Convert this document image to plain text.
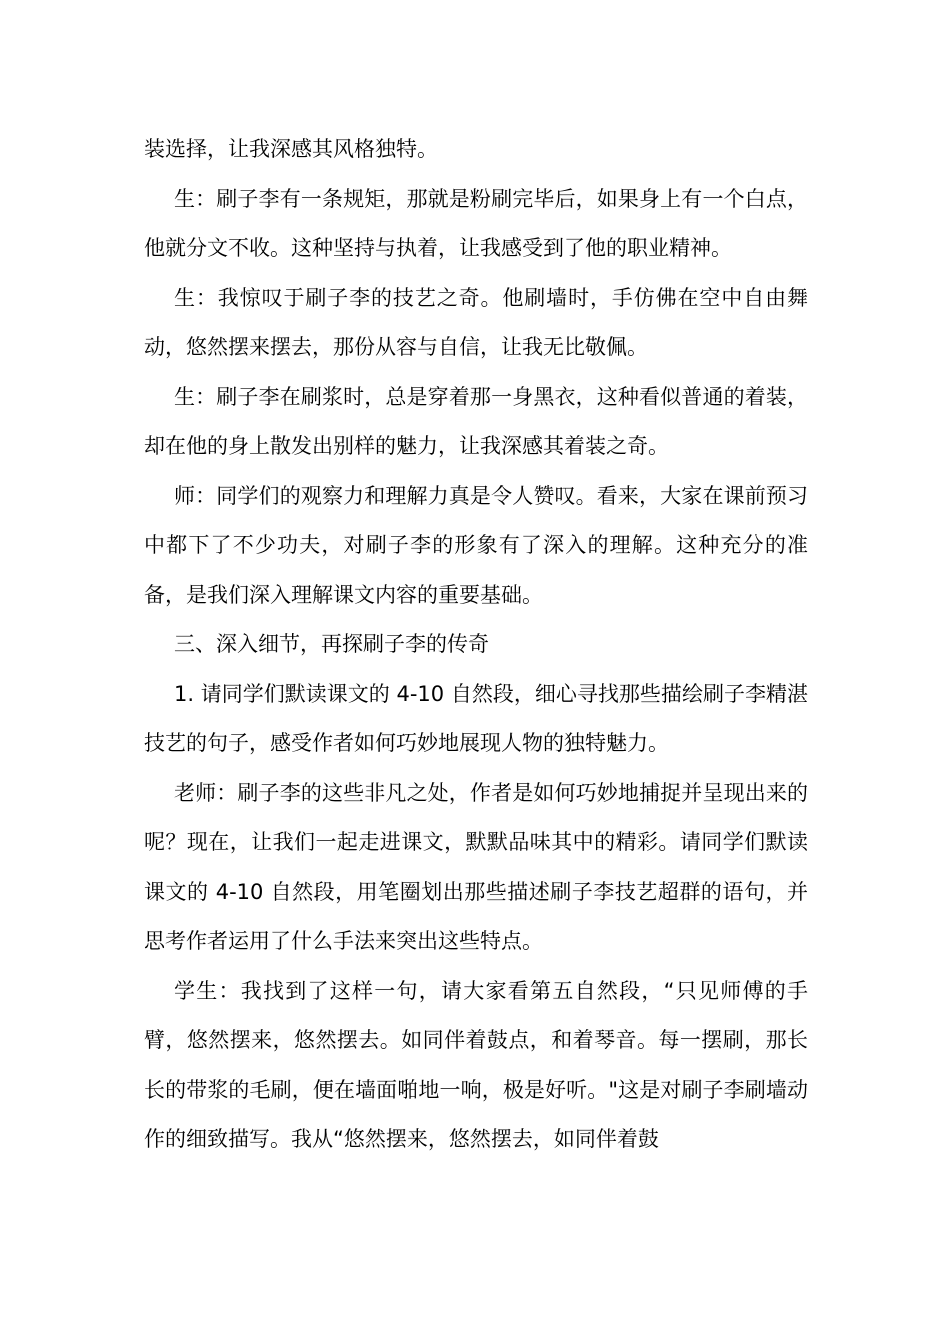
装选择，让我深感其风格独特。

生：刷子李有一条规矩，那就是粉刷完毕后，如果身上有一个白点，他就分文不收。这种坚持与执着，让我感受到了他的职业精神。

生：我惊叹于刷子李的技艺之奇。他刷墙时，手仿佛在空中自由舞动，悠然摆来摆去，那份从容与自信，让我无比敬佩。

生：刷子李在刷浆时，总是穿着那一身黑衣，这种看似普通的着装，却在他的身上散发出别样的魅力，让我深感其着装之奇。

师：同学们的观察力和理解力真是令人赞叹。看来，大家在课前预习中都下了不少功夫，对刷子李的形象有了深入的理解。这种充分的准备，是我们深入理解课文内容的重要基础。

三、深入细节，再探刷子李的传奇

1. 请同学们默读课文的 4-10 自然段，细心寻找那些描绘刷子李精湛技艺的句子，感受作者如何巧妙地展现人物的独特魅力。

老师：刷子李的这些非凡之处，作者是如何巧妙地捕捉并呈现出来的呢？现在，让我们一起走进课文，默默品味其中的精彩。请同学们默读课文的 4-10 自然段，用笔圈划出那些描述刷子李技艺超群的语句，并思考作者运用了什么手法来突出这些特点。

学生：我找到了这样一句，请大家看第五自然段，“只见师傅的手臂，悠然摆来，悠然摆去。如同伴着鼓点，和着琴音。每一摆刷，那长长的带浆的毛刷，便在墙面啪地一响，极是好听。"这是对刷子李刷墙动作的细致描写。我从“悠然摆来，悠然摆去，如同伴着鼓
